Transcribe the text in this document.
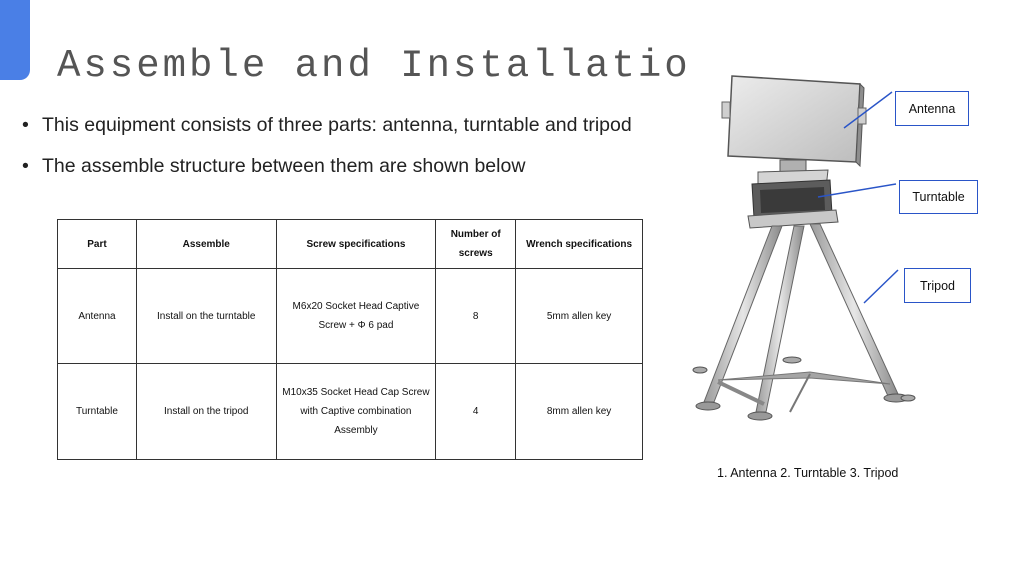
Assemble and Installatio
• This equipment consists of three parts: antenna, turntable and tripod
• The assemble structure between them are shown below
Part	Assemble	Screw specifications	Number of screws	Wrench specifications
Antenna	Install on the turntable	M6x20 Socket Head Captive Screw + Φ 6 pad	8	5mm allen key
Turntable	Install on the tripod	M10x35 Socket Head Cap Screw with Captive combination Assembly	4	8mm allen key
Antenna
Turntable
Tripod
1. Antenna 2. Turntable 3. Tripod
